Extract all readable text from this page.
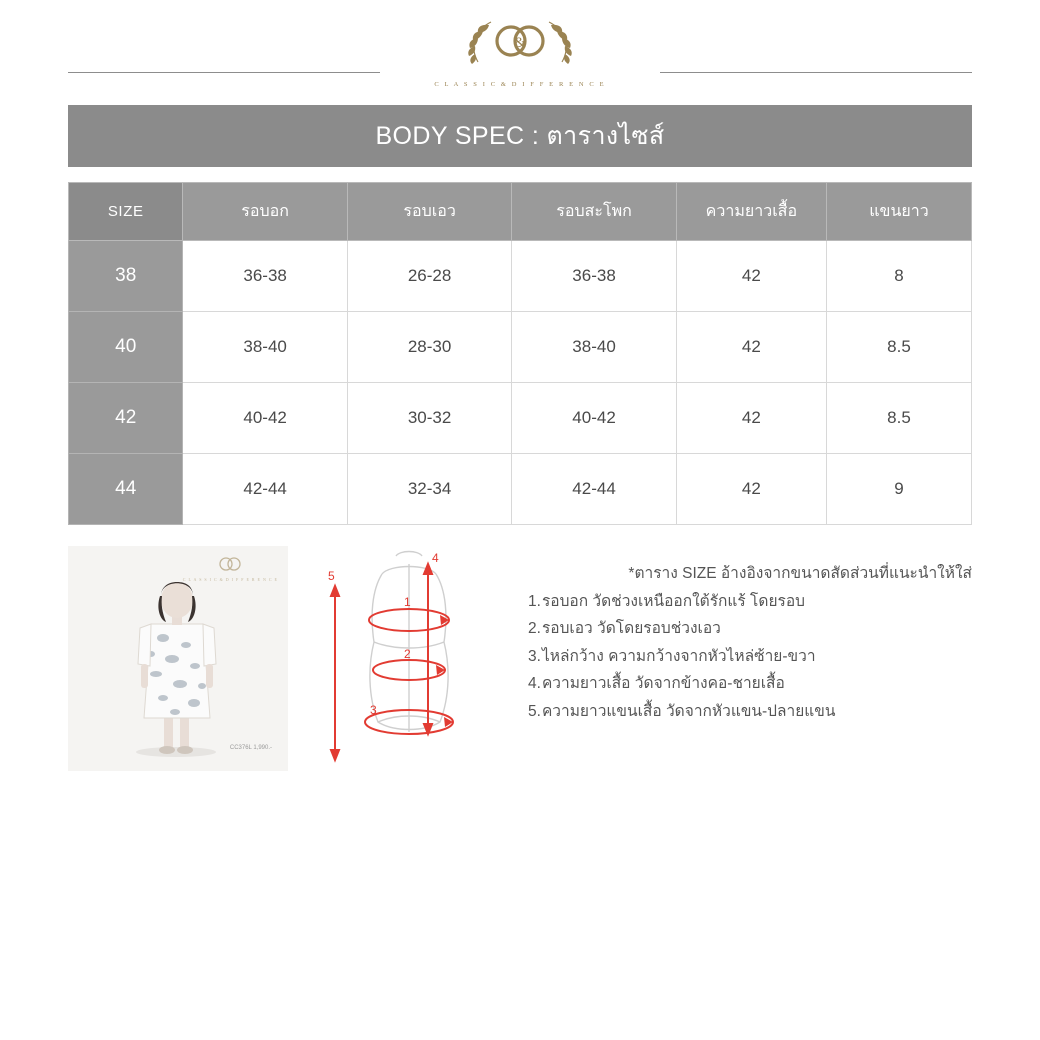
&
C L A S S I C & D I F F E R E N C E
BODY SPEC : ตารางไซส์
SIZE	รอบอก	รอบเอว	รอบสะโพก	ความยาวเสื้อ	แขนยาว
38	36-38	26-28	36-38	42	8
40	38-40	28-30	38-40	42	8.5
42	40-42	30-32	40-42	42	8.5
44	42-44	32-34	42-44	42	9
C L A S S I C & D I F F E R E N C E
CC376L 1,990.-
4
5
1
2
3
*ตาราง SIZE อ้างอิงจากขนาดสัดส่วนที่แนะนำให้ใส่
รอบอก วัดช่วงเหนืออกใต้รักแร้ โดยรอบ
รอบเอว วัดโดยรอบช่วงเอว
ไหล่กว้าง ความกว้างจากหัวไหล่ซ้าย-ขวา
ความยาวเสื้อ วัดจากข้างคอ-ชายเสื้อ
ความยาวแขนเสื้อ วัดจากหัวแขน-ปลายแขน
